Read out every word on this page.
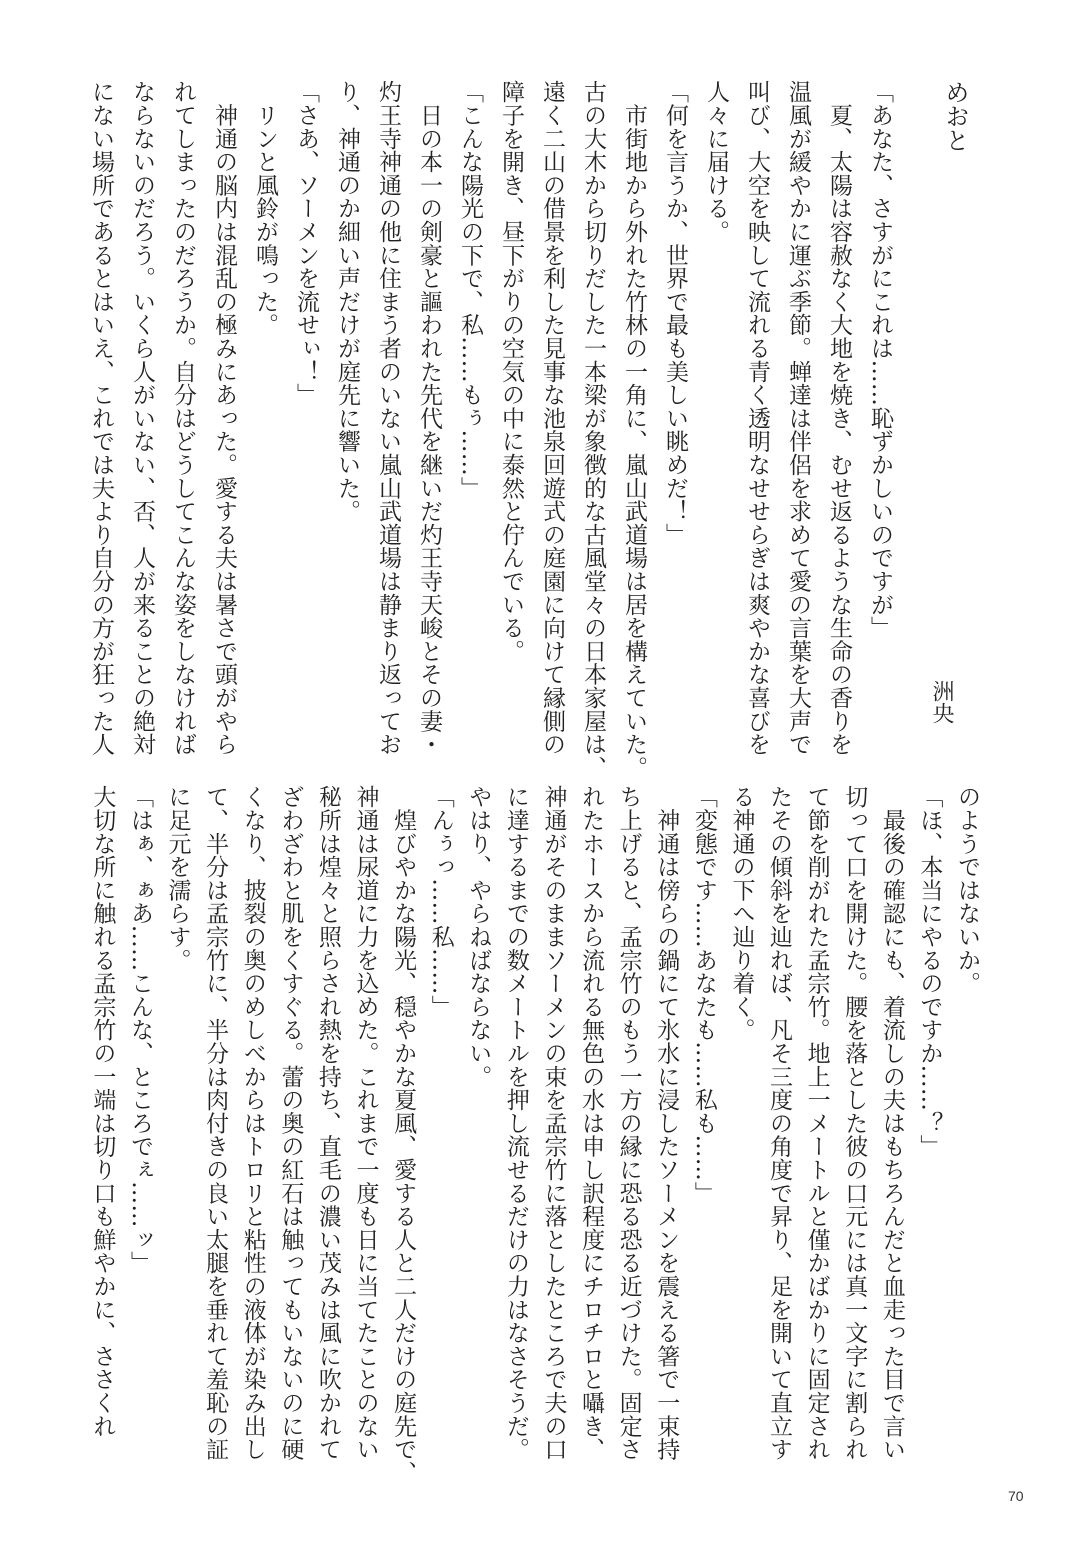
めおと
洲央
「あなた、さすがにこれは……恥ずかしいのですが」
　夏、太陽は容赦なく大地を焼き、むせ返るような生命の香りを
温風が緩やかに運ぶ季節。蝉達は伴侶を求めて愛の言葉を大声で
叫び、大空を映して流れる青く透明なせせらぎは爽やかな喜びを
人々に届ける。
「何を言うか、世界で最も美しい眺めだ！」
　市街地から外れた竹林の一角に、嵐山武道場は居を構えていた。
古の大木から切りだした一本梁が象徴的な古風堂々の日本家屋は、
遠く二山の借景を利した見事な池泉回遊式の庭園に向けて縁側の
障子を開き、昼下がりの空気の中に泰然と佇んでいる。
「こんな陽光の下で、私……もぅ……」
　日の本一の剣豪と謳われた先代を継いだ灼王寺天峻とその妻・
灼王寺神通の他に住まう者のいない嵐山武道場は静まり返ってお
り、神通のか細い声だけが庭先に響いた。
「さあ、ソーメンを流せぃ！」
　リンと風鈴が鳴った。
　神通の脳内は混乱の極みにあった。愛する夫は暑さで頭がやら
れてしまったのだろうか。自分はどうしてこんな姿をしなければ
ならないのだろう。いくら人がいない、否、人が来ることの絶対
にない場所であるとはいえ、これでは夫より自分の方が狂った人
のようではないか。
「ほ、本当にやるのですか……？」
　最後の確認にも、着流しの夫はもちろんだと血走った目で言い
切って口を開けた。腰を落とした彼の口元には真一文字に割られ
て節を削がれた孟宗竹。地上一メートルと僅かばかりに固定され
たその傾斜を辿れば、凡そ三度の角度で昇り、足を開いて直立す
る神通の下へ辿り着く。
「変態です……あなたも……私も……」
　神通は傍らの鍋にて氷水に浸したソーメンを震える箸で一束持
ち上げると、孟宗竹のもう一方の縁に恐る恐る近づけた。固定さ
れたホースから流れる無色の水は申し訳程度にチロチロと囁き、
神通がそのままソーメンの束を孟宗竹に落としたところで夫の口
に達するまでの数メートルを押し流せるだけの力はなさそうだ。
やはり、やらねばならない。
「んぅっ……私……」
　煌びやかな陽光、穏やかな夏風、愛する人と二人だけの庭先で、
神通は尿道に力を込めた。これまで一度も日に当てたことのない
秘所は煌々と照らされ熱を持ち、直毛の濃い茂みは風に吹かれて
ざわざわと肌をくすぐる。蕾の奥の紅石は触ってもいないのに硬
くなり、披裂の奥のめしべからはトロリと粘性の液体が染み出し
て、半分は孟宗竹に、半分は肉付きの良い太腿を垂れて羞恥の証
に足元を濡らす。
「はぁ、ぁあ……こんな、ところでぇ……ッ」
大切な所に触れる孟宗竹の一端は切り口も鮮やかに、ささくれ
70
